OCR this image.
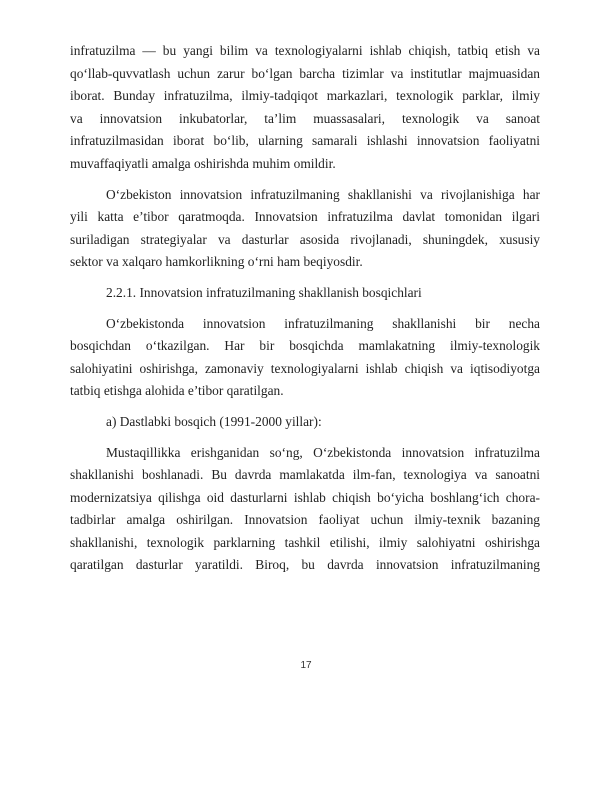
infratuzilma — bu yangi bilim va texnologiyalarni ishlab chiqish, tatbiq etish va
qo‘llab-quvvatlash uchun zarur bo‘lgan barcha tizimlar va institutlar majmuasidan
iborat. Bunday infratuzilma, ilmiy-tadqiqot markazlari, texnologik parklar, ilmiy
va innovatsion inkubatorlar, ta’lim muassasalari, texnologik va sanoat
infratuzilmasidan iborat bo‘lib, ularning samarali ishlashi innovatsion faoliyatni
muvaffaqiyatli amalga oshirishda muhim omildir.

O‘zbekiston innovatsion infratuzilmaning shakllanishi va rivojlanishiga har
yili katta e’tibor qaratmoqda. Innovatsion infratuzilma davlat tomonidan ilgari
suriladigan strategiyalar va dasturlar asosida rivojlanadi, shuningdek, xususiy
sektor va xalqaro hamkorlikning o‘rni ham beqiyosdir.

2.2.1. Innovatsion infratuzilmaning shakllanish bosqichlari

O‘zbekistonda innovatsion infratuzilmaning shakllanishi bir necha
bosqichdan o‘tkazilgan. Har bir bosqichda mamlakatning ilmiy-texnologik
salohiyatini oshirishga, zamonaviy texnologiyalarni ishlab chiqish va iqtisodiyotga
tatbiq etishga alohida e’tibor qaratilgan.

a) Dastlabki bosqich (1991-2000 yillar):

Mustaqillikka erishganidan so‘ng, O‘zbekistonda innovatsion infratuzilma
shakllanishi boshlanadi. Bu davrda mamlakatda ilm-fan, texnologiya va sanoatni
modernizatsiya qilishga oid dasturlarni ishlab chiqish bo‘yicha boshlang‘ich chora-
tadbirlar amalga oshirilgan. Innovatsion faoliyat uchun ilmiy-texnik bazaning
shakllanishi, texnologik parklarning tashkil etilishi, ilmiy salohiyatni oshirishga
qaratilgan dasturlar yaratildi. Biroq, bu davrda innovatsion infratuzilmaning

17
